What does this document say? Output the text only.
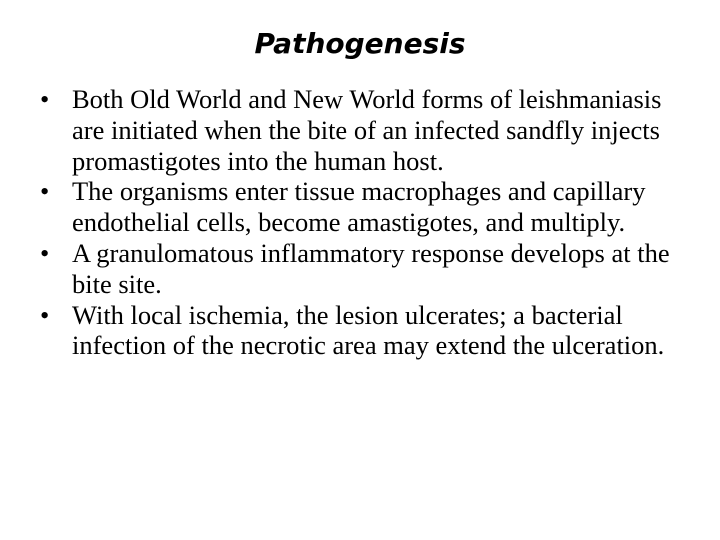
Pathogenesis
• Both Old World and New World forms of leishmaniasis are initiated when the bite of an infected sandfly injects promastigotes into the human host.
• The organisms enter tissue macrophages and capillary endothelial cells, become amastigotes, and multiply.
• A granulomatous inflammatory response develops at the bite site.
• With local ischemia, the lesion ulcerates; a bacterial infection of the necrotic area may extend the ulceration.
